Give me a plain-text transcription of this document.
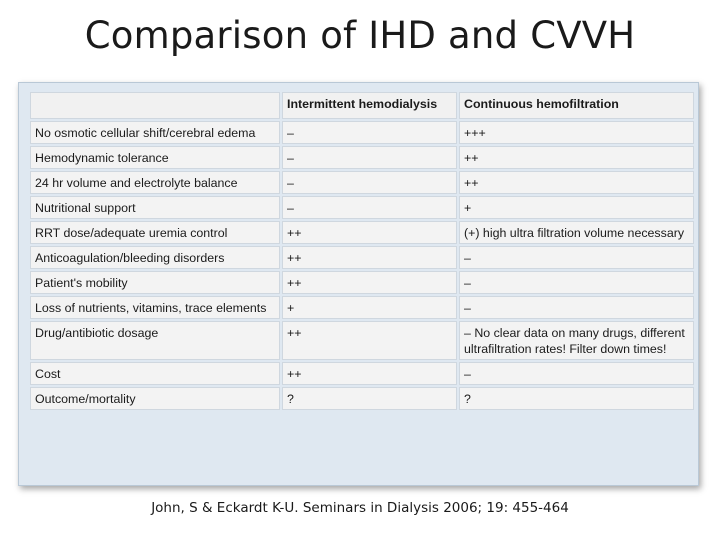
Comparison of IHD and CVVH
	Intermittent hemodialysis	Continuous hemofiltration
No osmotic cellular shift/cerebral edema	–	+++
Hemodynamic tolerance	–	++
24 hr volume and electrolyte balance	–	++
Nutritional support	–	+
RRT dose/adequate uremia control	++	(+) high ultra filtration volume necessary
Anticoagulation/bleeding disorders	++	–
Patient's mobility	++	–
Loss of nutrients, vitamins, trace elements	+	–
Drug/antibiotic dosage	++	– No clear data on many drugs, different ultrafiltration rates! Filter down times!
Cost	++	–
Outcome/mortality	?	?
John, S & Eckardt K-U. Seminars in Dialysis 2006; 19: 455-464
